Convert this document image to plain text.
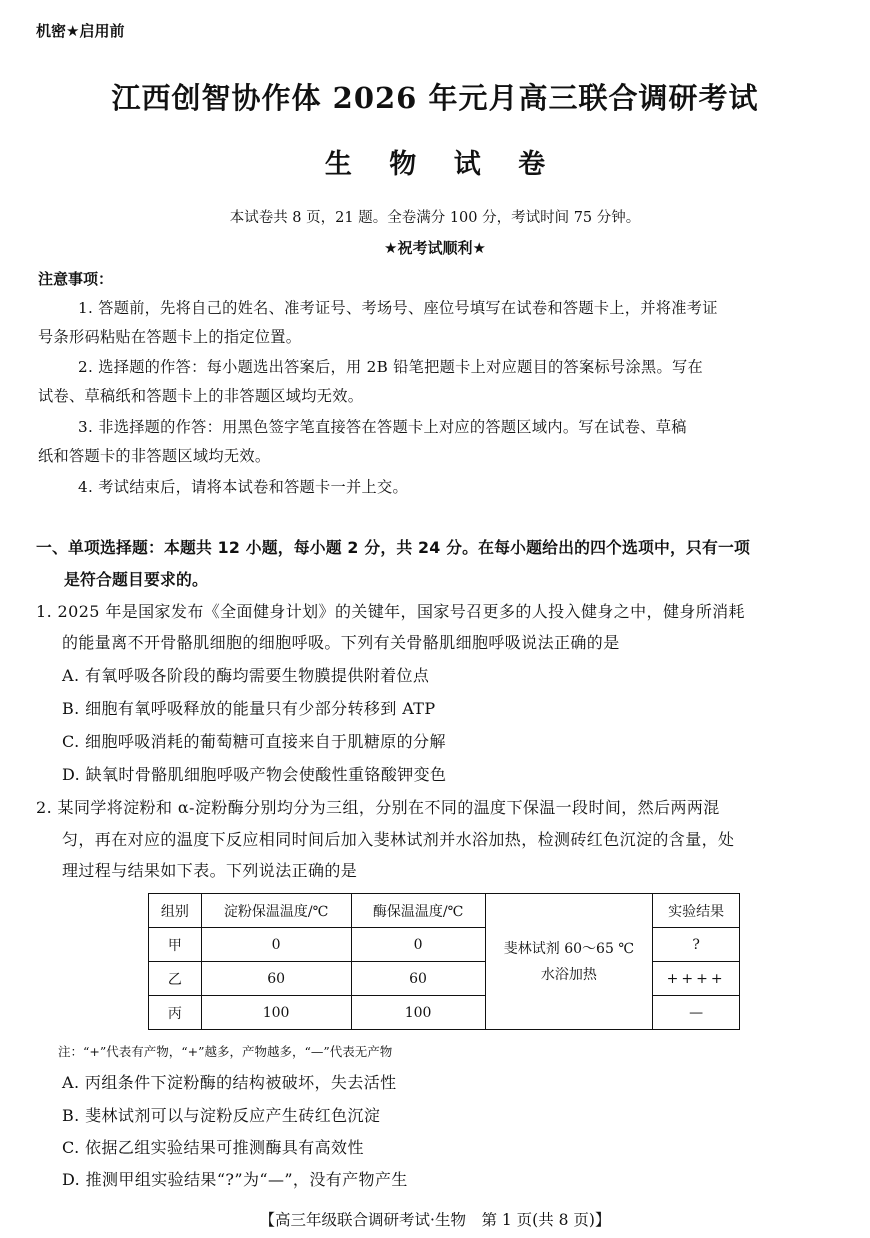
机密★启用前
江西创智协作体 2026 年元月高三联合调研考试
生 物 试 卷
本试卷共 8 页，21 题。全卷满分 100 分，考试时间 75 分钟。
★祝考试顺利★
注意事项：
1. 答题前，先将自己的姓名、准考证号、考场号、座位号填写在试卷和答题卡上，并将准考证
号条形码粘贴在答题卡上的指定位置。
2. 选择题的作答：每小题选出答案后，用 2B 铅笔把题卡上对应题目的答案标号涂黑。写在
试卷、草稿纸和答题卡上的非答题区域均无效。
3. 非选择题的作答：用黑色签字笔直接答在答题卡上对应的答题区域内。写在试卷、草稿
纸和答题卡的非答题区域均无效。
4. 考试结束后，请将本试卷和答题卡一并上交。
一、单项选择题：本题共 12 小题，每小题 2 分，共 24 分。在每小题给出的四个选项中，只有一项
是符合题目要求的。
1. 2025 年是国家发布《全面健身计划》的关键年，国家号召更多的人投入健身之中，健身所消耗
的能量离不开骨骼肌细胞的细胞呼吸。下列有关骨骼肌细胞呼吸说法正确的是
A. 有氧呼吸各阶段的酶均需要生物膜提供附着位点
B. 细胞有氧呼吸释放的能量只有少部分转移到 ATP
C. 细胞呼吸消耗的葡萄糖可直接来自于肌糖原的分解
D. 缺氧时骨骼肌细胞呼吸产物会使酸性重铬酸钾变色
2. 某同学将淀粉和 α-淀粉酶分别均分为三组，分别在不同的温度下保温一段时间，然后两两混
匀，再在对应的温度下反应相同时间后加入斐林试剂并水浴加热，检测砖红色沉淀的含量，处
理过程与结果如下表。下列说法正确的是
组别	淀粉保温温度/℃	酶保温温度/℃	斐林试剂 60～65 ℃
水浴加热	实验结果
甲	0	0		?
乙	60	60		++++
丙	100	100		—
注：“+”代表有产物，“+”越多，产物越多，“—”代表无产物
A. 丙组条件下淀粉酶的结构被破坏，失去活性
B. 斐林试剂可以与淀粉反应产生砖红色沉淀
C. 依据乙组实验结果可推测酶具有高效性
D. 推测甲组实验结果“?”为“—”，没有产物产生
【高三年级联合调研考试·生物　第 1 页(共 8 页)】
